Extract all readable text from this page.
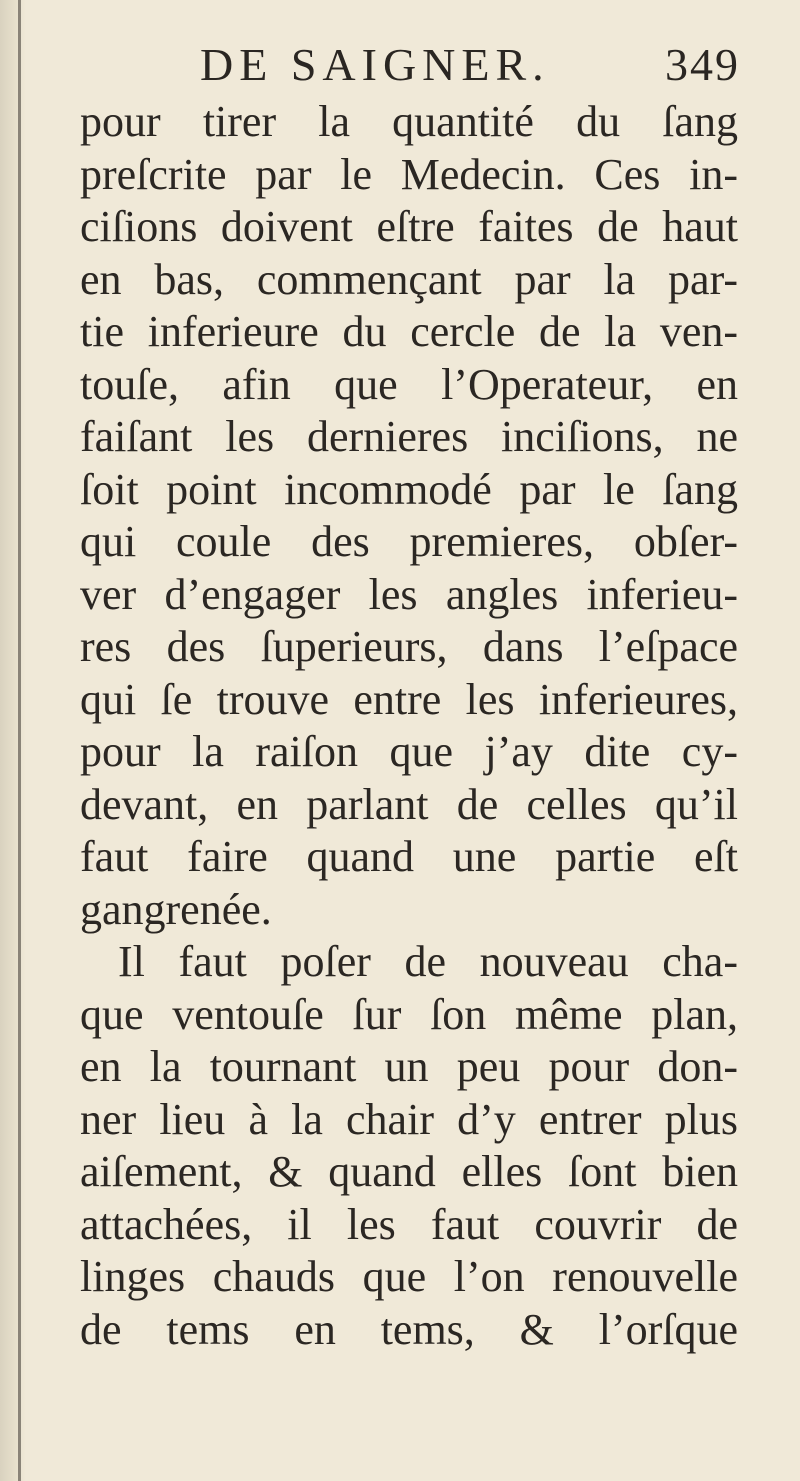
DE SAIGNER.	349
pour tirer la quantité du ſang
preſcrite par le Medecin. Ces in-
ciſions doivent eſtre faites de haut
en bas, commençant par la par-
tie inferieure du cercle de la ven-
touſe, afin que l’Operateur, en
faiſant les dernieres inciſions, ne
ſoit point incommodé par le ſang
qui coule des premieres, obſer-
ver d’engager les angles inferieu-
res des ſuperieurs, dans l’eſpace
qui ſe trouve entre les inferieures,
pour la raiſon que j’ay dite cy-
devant, en parlant de celles qu’il
faut faire quand une partie eſt
gangrenée.
Il faut poſer de nouveau cha-
que ventouſe ſur ſon même plan,
en la tournant un peu pour don-
ner lieu à la chair d’y entrer plus
aiſement, & quand elles ſont bien
attachées, il les faut couvrir de
linges chauds que l’on renouvelle
de tems en tems, & l’orſque
